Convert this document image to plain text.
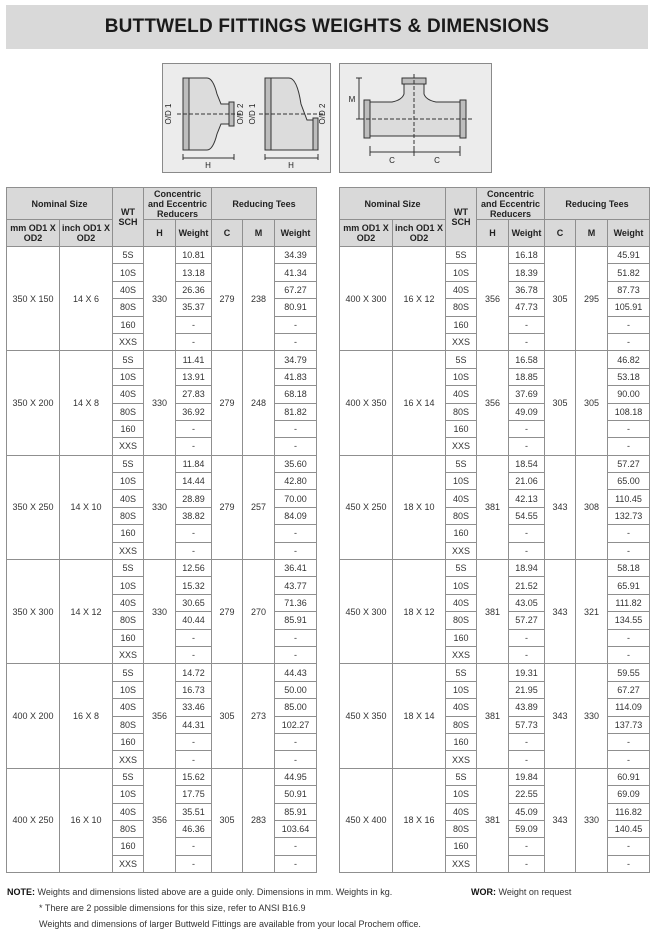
BUTTWELD FITTINGS WEIGHTS & DIMENSIONS
O/D 1	O/D 2 O/D 1	O/D 2
H	H
M
C	C
Nominal Size		WT SCH	Concentric and Eccentric Reducers		Reducing Tees		
mm OD1 X OD2	inch OD1 X OD2		H	Weight	C	M	Weight
350 X 150	14 X 6	5S	330	10.81	279	238	34.39
		10S		13.18			41.34
		40S		26.36			67.27
		80S		35.37			80.91
		160		-			-
		XXS		-			-
350 X 200	14 X 8	5S	330	11.41	279	248	34.79
		10S		13.91			41.83
		40S		27.83			68.18
		80S		36.92			81.82
		160		-			-
		XXS		-			-
350 X 250	14 X 10	5S	330	11.84	279	257	35.60
		10S		14.44			42.80
		40S		28.89			70.00
		80S		38.82			84.09
		160		-			-
		XXS		-			-
350 X 300	14 X 12	5S	330	12.56	279	270	36.41
		10S		15.32			43.77
		40S		30.65			71.36
		80S		40.44			85.91
		160		-			-
		XXS		-			-
400 X 200	16 X 8	5S	356	14.72	305	273	44.43
		10S		16.73			50.00
		40S		33.46			85.00
		80S		44.31			102.27
		160		-			-
		XXS		-			-
400 X 250	16 X 10	5S	356	15.62	305	283	44.95
		10S		17.75			50.91
		40S		35.51			85.91
		80S		46.36			103.64
		160		-			-
		XXS		-			-
Nominal Size		WT SCH	Concentric and Eccentric Reducers		Reducing Tees		
mm OD1 X OD2	inch OD1 X OD2		H	Weight	C	M	Weight
400 X 300	16 X 12	5S	356	16.18	305	295	45.91
		10S		18.39			51.82
		40S		36.78			87.73
		80S		47.73			105.91
		160		-			-
		XXS		-			-
400 X 350	16 X 14	5S	356	16.58	305	305	46.82
		10S		18.85			53.18
		40S		37.69			90.00
		80S		49.09			108.18
		160		-			-
		XXS		-			-
450 X 250	18 X 10	5S	381	18.54	343	308	57.27
		10S		21.06			65.00
		40S		42.13			110.45
		80S		54.55			132.73
		160		-			-
		XXS		-			-
450 X 300	18 X 12	5S	381	18.94	343	321	58.18
		10S		21.52			65.91
		40S		43.05			111.82
		80S		57.27			134.55
		160		-			-
		XXS		-			-
450 X 350	18 X 14	5S	381	19.31	343	330	59.55
		10S		21.95			67.27
		40S		43.89			114.09
		80S		57.73			137.73
		160		-			-
		XXS		-			-
450 X 400	18 X 16	5S	381	19.84	343	330	60.91
		10S		22.55			69.09
		40S		45.09			116.82
		80S		59.09			140.45
		160		-			-
		XXS		-			-
NOTE: Weights and dimensions listed above are a guide only. Dimensions in mm. Weights in kg.
* There are 2 possible dimensions for this size, refer to ANSI B16.9
Weights and dimensions of larger Buttweld Fittings are available from your local Prochem office.
WOR: Weight on request
